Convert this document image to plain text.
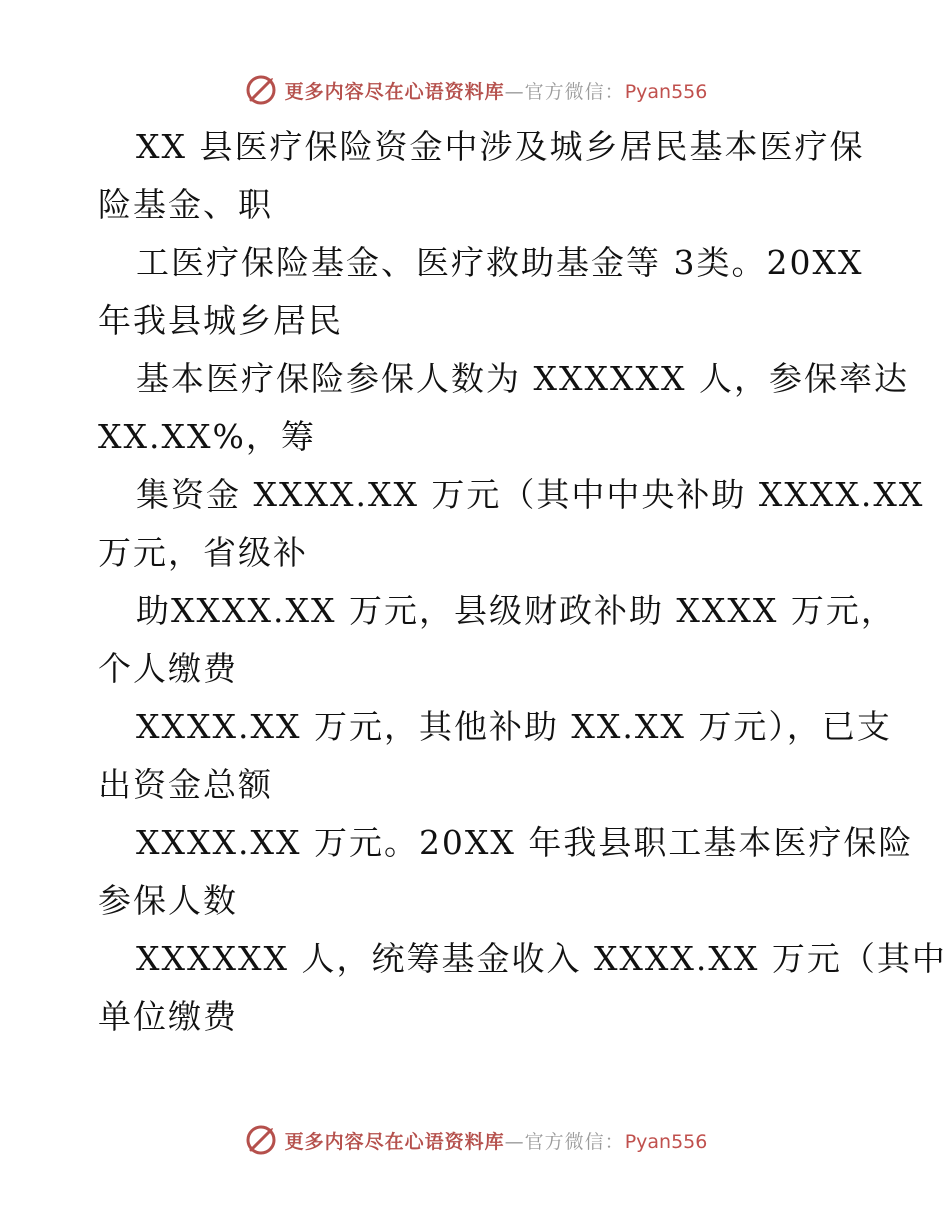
更多内容尽在心语资料库—官方微信：Pyan556
XX 县医疗保险资金中涉及城乡居民基本医疗保
险基金、职
工医疗保险基金、医疗救助基金等 3类。20XX
年我县城乡居民
基本医疗保险参保人数为 XXXXXX 人，参保率达
XX.XX%，筹
集资金 XXXX.XX 万元（其中中央补助 XXXX.XX
万元，省级补
助XXXX.XX 万元，县级财政补助 XXXX 万元，
个人缴费
XXXX.XX 万元，其他补助 XX.XX 万元），已支
出资金总额
XXXX.XX 万元。20XX 年我县职工基本医疗保险
参保人数
XXXXXX 人，统筹基金收入 XXXX.XX 万元（其中
单位缴费
更多内容尽在心语资料库—官方微信：Pyan556
